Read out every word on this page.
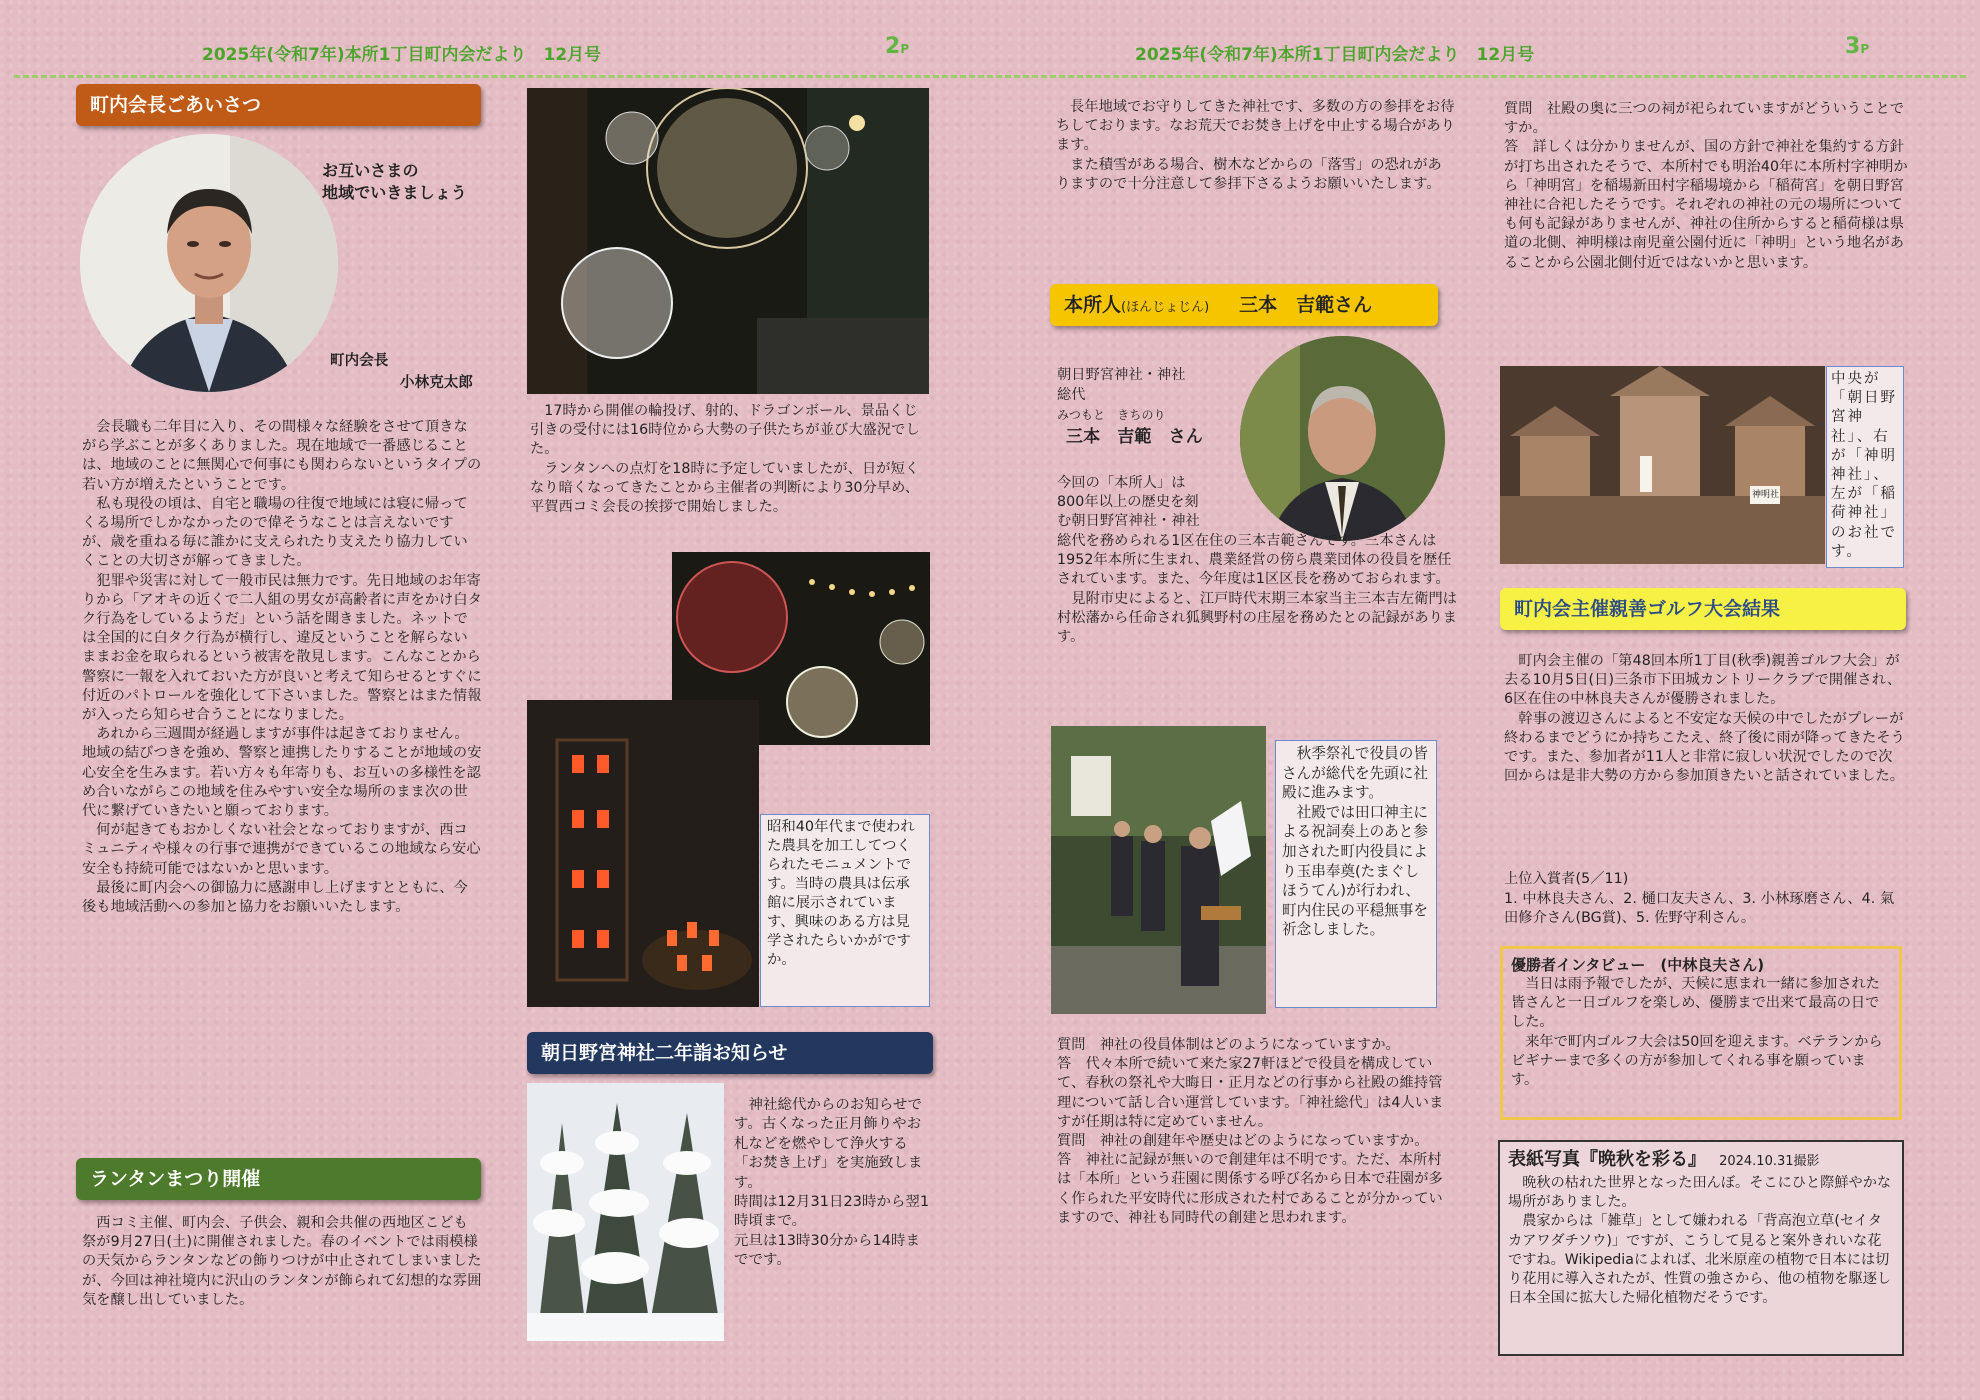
2025年(令和7年)本所1丁目町内会だより　12月号	2P	2025年(令和7年)本所1丁目町内会だより　12月号	3P
町内会長ごあいさつ
お互いさまの
地域でいきましょう
町内会長
小林克太郎
　会長職も二年目に入り、その間様々な経験をさせて頂きながら学ぶことが多くありました。現在地域で一番感じることは、地域のことに無関心で何事にも関わらないというタイプの若い方が増えたということです。
　私も現役の頃は、自宅と職場の往復で地域には寝に帰ってくる場所でしかなかったので偉そうなことは言えないですが、歳を重ねる毎に誰かに支えられたり支えたり協力していくことの大切さが解ってきました。
　犯罪や災害に対して一般市民は無力です。先日地域のお年寄りから「アオキの近くで二人組の男女が高齢者に声をかけ白タク行為をしているようだ」という話を聞きました。ネットでは全国的に白タク行為が横行し、違反ということを解らないままお金を取られるという被害を散見します。こんなことから警察に一報を入れておいた方が良いと考えて知らせるとすぐに付近のパトロールを強化して下さいました。警察とはまた情報が入ったら知らせ合うことになりました。
　あれから三週間が経過しますが事件は起きておりません。地域の結びつきを強め、警察と連携したりすることが地域の安心安全を生みます。若い方々も年寄りも、お互いの多様性を認め合いながらこの地域を住みやすい安全な場所のまま次の世代に繋げていきたいと願っております。
　何が起きてもおかしくない社会となっておりますが、西コミュニティや様々の行事で連携ができているこの地域なら安心安全も持続可能ではないかと思います。
　最後に町内会への御協力に感謝申し上げますとともに、今後も地域活動への参加と協力をお願いいたします。
ランタンまつり開催
　西コミ主催、町内会、子供会、親和会共催の西地区こども祭が9月27日(土)に開催されました。春のイベントでは雨模様の天気からランタンなどの飾りつけが中止されてしまいましたが、今回は神社境内に沢山のランタンが飾られて幻想的な雰囲気を醸し出していました。
　17時から開催の輪投げ、射的、ドラゴンボール、景品くじ引きの受付には16時位から大勢の子供たちが並び大盛況でした。
　ランタンへの点灯を18時に予定していましたが、日が短くなり暗くなってきたことから主催者の判断により30分早め、平賀西コミ会長の挨拶で開始しました。
昭和40年代まで使われた農具を加工してつくられたモニュメントです。当時の農具は伝承館に展示されています、興味のある方は見学されたらいかがですか。
朝日野宮神社二年詣お知らせ
　神社総代からのお知らせです。古くなった正月飾りやお札などを燃やして浄火する「お焚き上げ」を実施致します。
時間は12月31日23時から翌1時頃まで。
元旦は13時30分から14時までです。
長年地域でお守りしてきた神社です、多数の方の参拝をお待ちしております。なお荒天でお焚き上げを中止する場合があります。
　また積雪がある場合、樹木などからの「落雪」の恐れがありますので十分注意して参拝下さるようお願いいたします。
本所人(ほんじょじん) 三本　吉範さん
朝日野宮神社・神社
総代
みつもと　きちのり
三本　吉範　さん
今回の「本所人」は
800年以上の歴史を刻
む朝日野宮神社・神社
総代を務められる1区在住の三本吉範さんです。三本さんは1952年本所に生まれ、農業経営の傍ら農業団体の役員を歴任されています。また、今年度は1区区長を務めておられます。
　見附市史によると、江戸時代末期三本家当主三本吉左衛門は村松藩から任命され狐興野村の庄屋を務めたとの記録があります。
　秋季祭礼で役員の皆さんが総代を先頭に社殿に進みます。
　社殿では田口神主による祝詞奏上のあと参加された町内役員により玉串奉奠(たまぐしほうてん)が行われ、町内住民の平穏無事を祈念しました。
質問　神社の役員体制はどのようになっていますか。
答　代々本所で続いて来た家27軒ほどで役員を構成していて、春秋の祭礼や大晦日・正月などの行事から社殿の維持管理について話し合い運営しています。「神社総代」は4人いますが任期は特に定めていません。
質問　神社の創建年や歴史はどのようになっていますか。
答　神社に記録が無いので創建年は不明です。ただ、本所村は「本所」という荘園に関係する呼び名から日本で荘園が多く作られた平安時代に形成された村であることが分かっていますので、神社も同時代の創建と思われます。
質問　社殿の奥に三つの祠が祀られていますがどういうことですか。
答　詳しくは分かりませんが、国の方針で神社を集約する方針が打ち出されたそうで、本所村でも明治40年に本所村字神明から「神明宮」を稲場新田村字稲場境から「稲荷宮」を朝日野宮神社に合祀したそうです。それぞれの神社の元の場所についても何も記録がありませんが、神社の住所からすると稲荷様は県道の北側、神明様は南児童公園付近に「神明」という地名があることから公園北側付近ではないかと思います。
神明社
中央が「朝日野宮神社」、右が「神明神社」、左が「稲荷神社」のお社です。
町内会主催親善ゴルフ大会結果
　町内会主催の「第48回本所1丁目(秋季)親善ゴルフ大会」が去る10月5日(日)三条市下田城カントリークラブで開催され、6区在住の中林良夫さんが優勝されました。
　幹事の渡辺さんによると不安定な天候の中でしたがプレーが終わるまでどうにか持ちこたえ、終了後に雨が降ってきたそうです。また、参加者が11人と非常に寂しい状況でしたので次回からは是非大勢の方から参加頂きたいと話されていました。
上位入賞者(5／11)
1. 中林良夫さん、2. 樋口友夫さん、3. 小林琢磨さん、4. 氣田修介さん(BG賞)、5. 佐野守利さん。
優勝者インタビュー　(中林良夫さん)
　当日は雨予報でしたが、天候に恵まれ一緒に参加された皆さんと一日ゴルフを楽しめ、優勝まで出来て最高の日でした。
　来年で町内ゴルフ大会は50回を迎えます。ベテランからビギナーまで多くの方が参加してくれる事を願っています。
表紙写真『晩秋を彩る』 2024.10.31撮影
　晩秋の枯れた世界となった田んぼ。そこにひと際鮮やかな場所がありました。
　農家からは「雑草」として嫌われる「背高泡立草(セイタカアワダチソウ)」ですが、こうして見ると案外きれいな花ですね。Wikipediaによれば、北米原産の植物で日本には切り花用に導入されたが、性質の強さから、他の植物を駆逐し日本全国に拡大した帰化植物だそうです。
